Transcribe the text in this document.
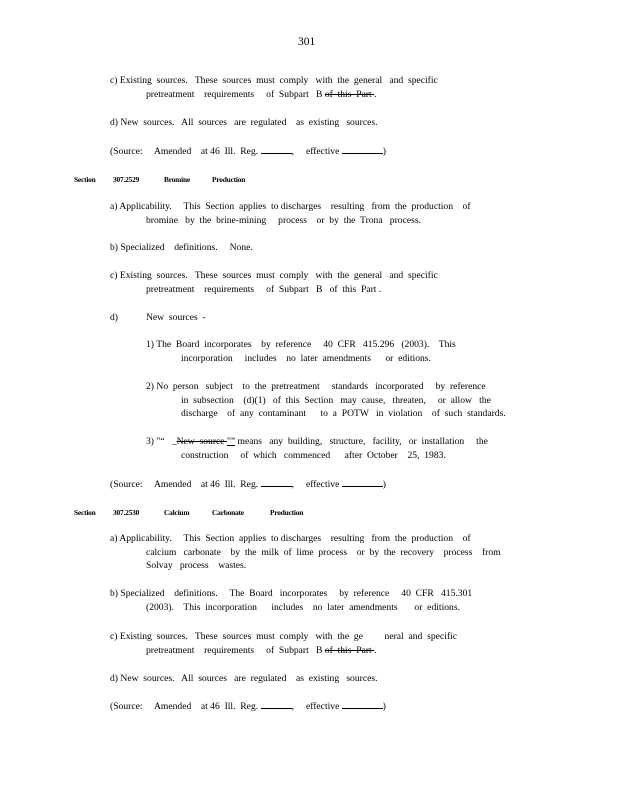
301
c) Existing  sources.   These  sources  must  comply   with  the  general   and  specific
pretreatment    requirements     of  Subpart   B of  this  Part .
d) New  sources.   All  sources   are  regulated    as  existing   sources.
(Source:     Amended    at 46  Ill.  Reg.	,     effective	)
Section 307.2529	Bromine	Production
a) Applicability.     This  Section  applies  to discharges    resulting   from  the  production    of
bromine   by  the  brine-mining     process    or  by  the  Trona   process.
b) Specialized    definitions.     None.
c) Existing  sources.   These  sources  must  comply   with  the  general   and  specific
pretreatment    requirements     of  Subpart   B   of  this  Part .
d)	New  sources  -
1) The  Board  incorporates    by  reference     40  CFR   415.296   (2003).    This
incorporation     includes    no  later  amendments      or  editions.
2) No  person   subject    to  the  pretreatment     standards   incorporated     by  reference
in  subsection    (d)(1)   of  this  Section   may  cause,   threaten,     or  allow   the
discharge    of  any  contaminant      to  a  POTW   in  violation    of  such  standards.
3) "“   _New  source "” means   any  building,   structure,   facility,   or  installation     the
construction     of  which   commenced      after  October    25,  1983.
(Source:     Amended    at 46  Ill.  Reg.	,     effective	)
Section 307.2530	Calcium	Carbonate	Production
a) Applicability.     This  Section  applies  to discharges    resulting   from  the  production    of
calcium   carbonate    by  the  milk  of  lime  process    or  by  the  recovery    process    from
Solvay   process    wastes.
b) Specialized    definitions.     The  Board   incorporates     by  reference     40  CFR   415.301
(2003).    This  incorporation      includes    no  later  amendments       or  editions.
c) Existing  sources.   These  sources  must  comply   with  the  ge         neral  and  specific
pretreatment    requirements     of  Subpart   B of  this  Part .
d) New  sources.   All  sources   are  regulated    as  existing   sources.
(Source:     Amended    at 46  Ill.  Reg.	,     effective	)
